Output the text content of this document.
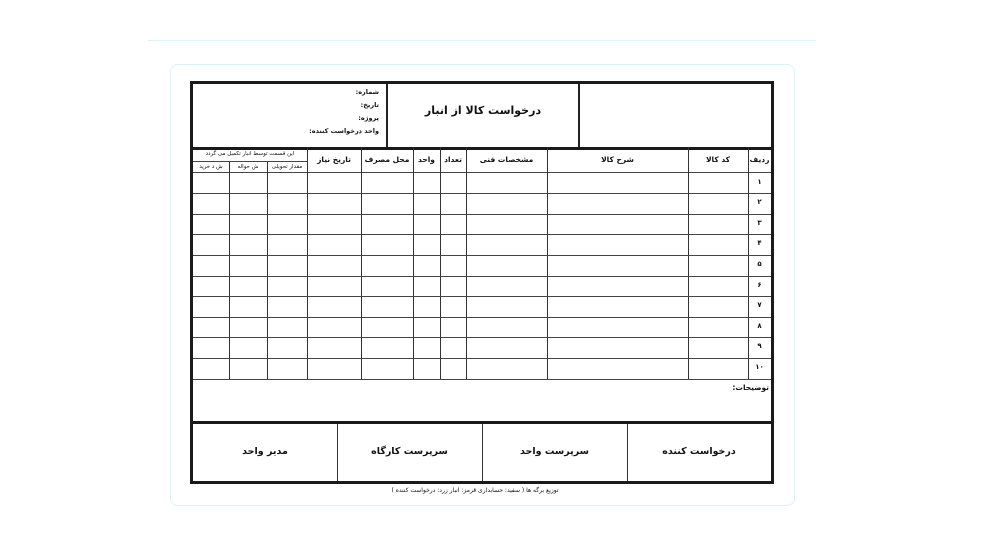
درخواست کالا از انبار
شماره:
تاریخ:
پروژه:
واحد درخواست کننده:
این قسمت توسط انبار تکمیل می گردد
ش د خرید	ش حواله	مقدار تحویلی
تاریخ نیاز	محل مصرف	واحد	تعداد	مشخصات فنی	شرح کالا	کد کالا	ردیف
۱
۲
۳
۴
۵
۶
۷
۸
۹
۱۰
توضیحات:
درخواست کننده
سرپرست واحد
سرپرست کارگاه
مدیر واحد
توزیع برگه ها ( سفید: حسابداری قرمز: انبار زرد: درخواست کننده )
